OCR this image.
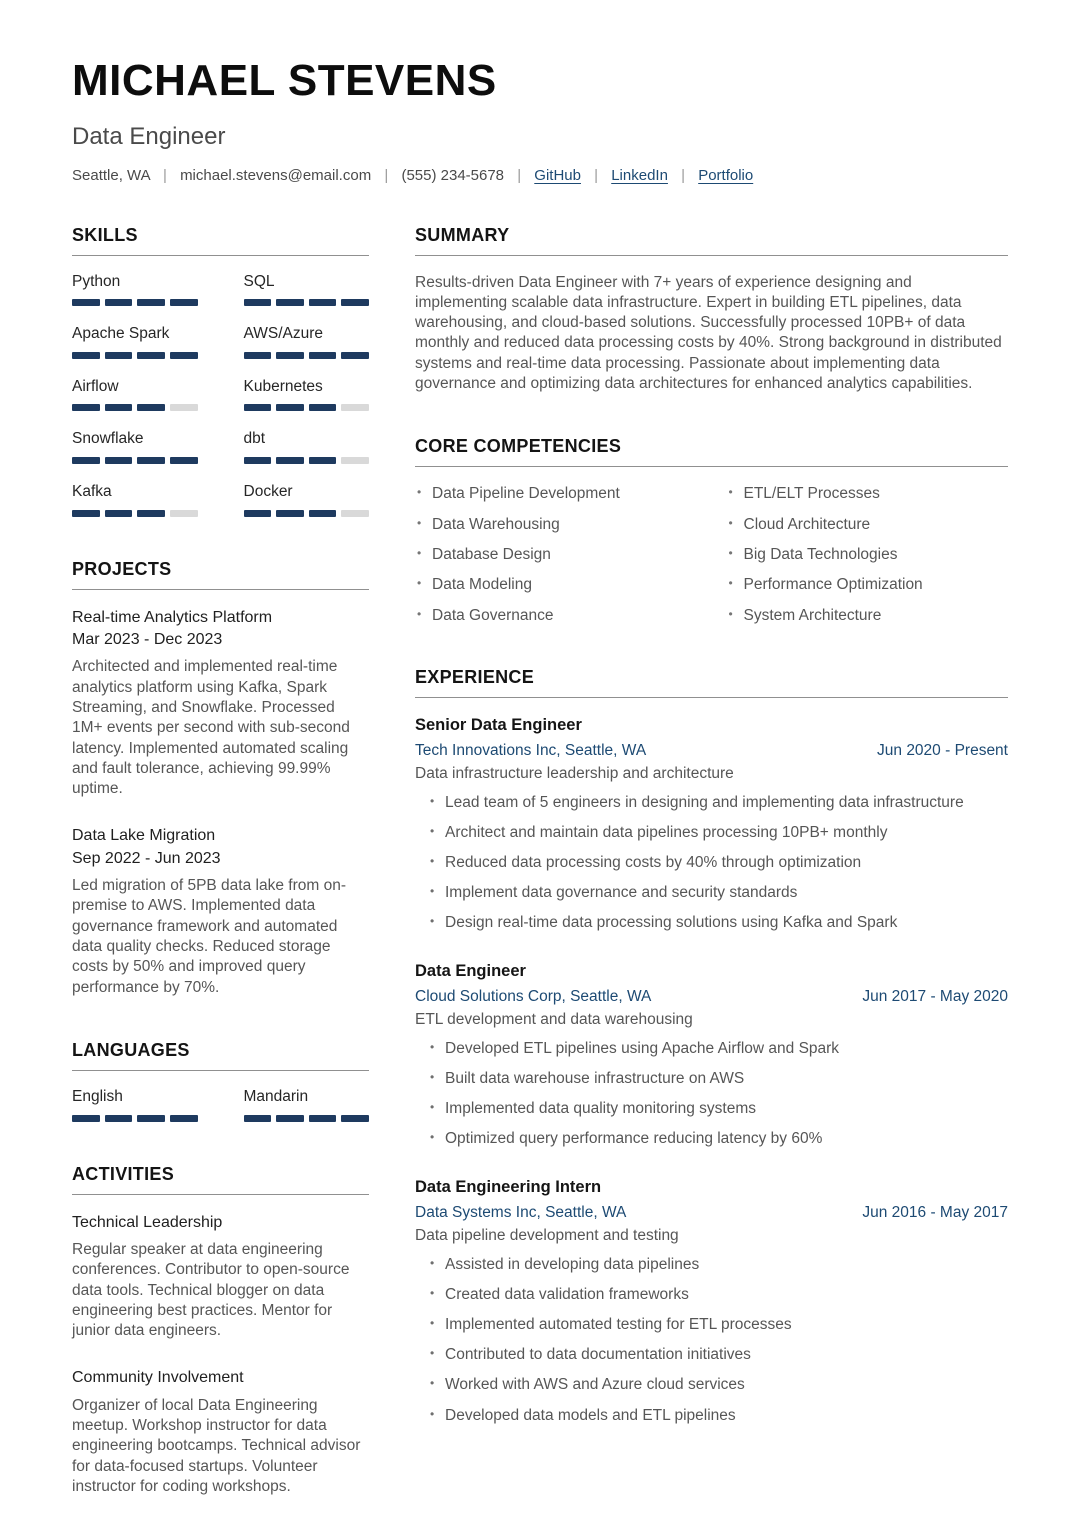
MICHAEL STEVENS
Data Engineer
Seattle, WA | michael.stevens@email.com | (555) 234-5678 | GitHub | LinkedIn | Portfolio
SKILLS
Python	SQL
Apache Spark	AWS/Azure
Airflow	Kubernetes
Snowflake	dbt
Kafka	Docker
PROJECTS
Real-time Analytics Platform
Mar 2023 - Dec 2023
Architected and implemented real-time analytics platform using Kafka, Spark Streaming, and Snowflake. Processed 1M+ events per second with sub-second latency. Implemented automated scaling and fault tolerance, achieving 99.99% uptime.
Data Lake Migration
Sep 2022 - Jun 2023
Led migration of 5PB data lake from on-premise to AWS. Implemented data governance framework and automated data quality checks. Reduced storage costs by 50% and improved query performance by 70%.
LANGUAGES
English	Mandarin
ACTIVITIES
Technical Leadership
Regular speaker at data engineering conferences. Contributor to open-source data tools. Technical blogger on data engineering best practices. Mentor for junior data engineers.
Community Involvement
Organizer of local Data Engineering meetup. Workshop instructor for data engineering bootcamps. Technical advisor for data-focused startups. Volunteer instructor for coding workshops.
SUMMARY

Results-driven Data Engineer with 7+ years of experience designing and implementing scalable data infrastructure. Expert in building ETL pipelines, data warehousing, and cloud-based solutions. Successfully processed 10PB+ of data monthly and reduced data processing costs by 40%. Strong background in distributed systems and real-time data processing. Passionate about implementing data governance and optimizing data architectures for enhanced analytics capabilities.

CORE COMPETENCIES
• Data Pipeline Development	• ETL/ELT Processes
• Data Warehousing	• Cloud Architecture
• Database Design	• Big Data Technologies
• Data Modeling	• Performance Optimization
• Data Governance	• System Architecture
EXPERIENCE
Senior Data Engineer
Tech Innovations Inc, Seattle, WA	Jun 2020 - Present
Data infrastructure leadership and architecture
• Lead team of 5 engineers in designing and implementing data infrastructure
• Architect and maintain data pipelines processing 10PB+ monthly
• Reduced data processing costs by 40% through optimization
• Implement data governance and security standards
• Design real-time data processing solutions using Kafka and Spark
Data Engineer
Cloud Solutions Corp, Seattle, WA	Jun 2017 - May 2020
ETL development and data warehousing
• Developed ETL pipelines using Apache Airflow and Spark
• Built data warehouse infrastructure on AWS
• Implemented data quality monitoring systems
• Optimized query performance reducing latency by 60%
Data Engineering Intern
Data Systems Inc, Seattle, WA	Jun 2016 - May 2017
Data pipeline development and testing
• Assisted in developing data pipelines
• Created data validation frameworks
• Implemented automated testing for ETL processes
• Contributed to data documentation initiatives
• Worked with AWS and Azure cloud services
• Developed data models and ETL pipelines
